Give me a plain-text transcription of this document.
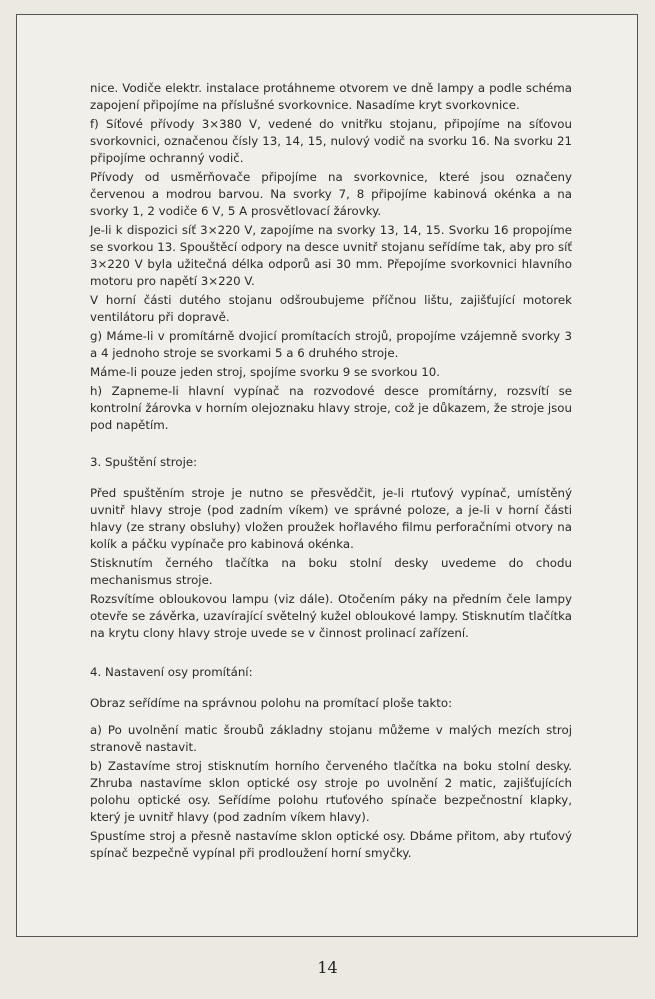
nice. Vodiče elektr. instalace protáhneme otvorem ve dně lampy a podle schéma zapojení připojíme na příslušné svorkovnice. Nasadíme kryt svorkovnice.

f) Síťové přívody 3×380 V, vedené do vnitřku stojanu, připojíme na síťovou svorkovnici, označenou čísly 13, 14, 15, nulový vodič na svorku 16. Na svorku 21 připojíme ochranný vodič.

Přívody od usměrňovače připojíme na svorkovnice, které jsou označeny červenou a modrou barvou. Na svorky 7, 8 připojíme kabinová okénka a na svorky 1, 2 vodiče 6 V, 5 A prosvětlovací žárovky.

Je-li k dispozici síť 3×220 V, zapojíme na svorky 13, 14, 15. Svorku 16 propojíme se svorkou 13. Spouštěcí odpory na desce uvnitř stojanu seřídíme tak, aby pro síť 3×220 V byla užitečná délka odporů asi 30 mm. Přepojíme svorkovnici hlavního motoru pro napětí 3×220 V.

V horní části dutého stojanu odšroubujeme příčnou lištu, zajišťující motorek ventilátoru při dopravě.

g) Máme-li v promítárně dvojicí promítacích strojů, propojíme vzájemně svorky 3 a 4 jednoho stroje se svorkami 5 a 6 druhého stroje.

Máme-li pouze jeden stroj, spojíme svorku 9 se svorkou 10.

h) Zapneme-li hlavní vypínač na rozvodové desce promítárny, rozsvítí se kontrolní žárovka v horním olejoznaku hlavy stroje, což je důkazem, že stroje jsou pod napětím.

3. Spuštění stroje:

Před spuštěním stroje je nutno se přesvědčit, je-li rtuťový vypínač, umístěný uvnitř hlavy stroje (pod zadním víkem) ve správné poloze, a je-li v horní části hlavy (ze strany obsluhy) vložen proužek hořlavého filmu perforačními otvory na kolík a páčku vypínače pro kabinová okénka.

Stisknutím černého tlačítka na boku stolní desky uvedeme do chodu mechanismus stroje.

Rozsvítíme obloukovou lampu (viz dále). Otočením páky na předním čele lampy otevře se závěrka, uzavírající světelný kužel obloukové lampy. Stisknutím tlačítka na krytu clony hlavy stroje uvede se v činnost prolinací zařízení.

4. Nastavení osy promítání:

Obraz seřídíme na správnou polohu na promítací ploše takto:

a) Po uvolnění matic šroubů základny stojanu můžeme v malých mezích stroj stranově nastavit.

b) Zastavíme stroj stisknutím horního červeného tlačítka na boku stolní desky. Zhruba nastavíme sklon optické osy stroje po uvolnění 2 matic, zajišťujících polohu optické osy. Seřídíme polohu rtuťového spínače bezpečnostní klapky, který je uvnitř hlavy (pod zadním víkem hlavy).

Spustíme stroj a přesně nastavíme sklon optické osy. Dbáme přitom, aby rtuťový spínač bezpečně vypínal při prodloužení horní smyčky.

14
